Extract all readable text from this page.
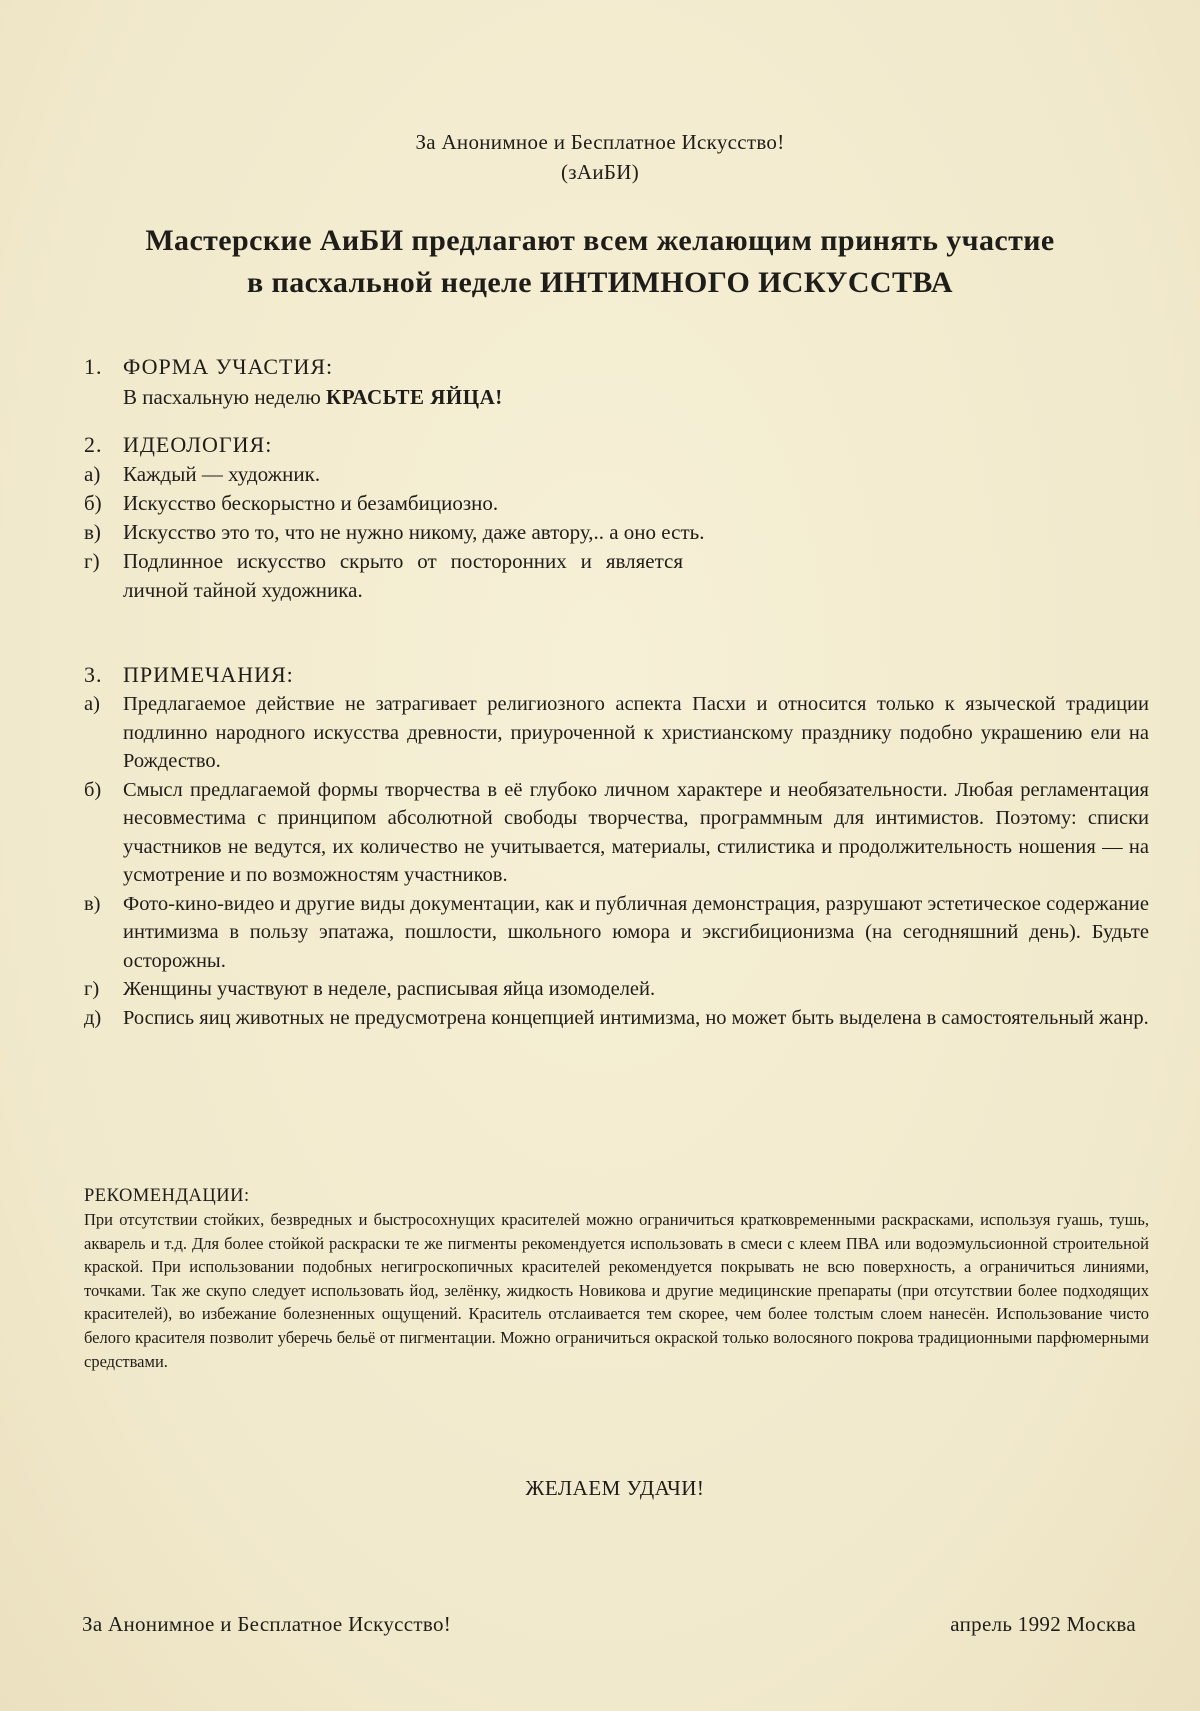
За Анонимное и Бесплатное Искусство!
(зАиБИ)
Мастерские АиБИ предлагают всем желающим принять участие
в пасхальной неделе ИНТИМНОГО ИСКУССТВА
1. ФОРМА УЧАСТИЯ:
В пасхальную неделю КРАСЬТЕ ЯЙЦА!
2. ИДЕОЛОГИЯ:
а) Каждый — художник.
б) Искусство бескорыстно и безамбициозно.
в) Искусство это то, что не нужно никому, даже автору,.. а оно есть.
г) Подлинное искусство скрыто от посторонних и является личной тайной художника.
3. ПРИМЕЧАНИЯ:
а) Предлагаемое действие не затрагивает религиозного аспекта Пасхи и относится только к языческой традиции подлинно народного искусства древности, приуроченной к христианскому празднику подобно украшению ели на Рождество.
б) Смысл предлагаемой формы творчества в её глубоко личном характере и необязательности. Любая регламентация несовместима с принципом абсолютной свободы творчества, программным для интимистов. Поэтому: списки участников не ведутся, их количество не учитывается, материалы, стилистика и продолжительность ношения — на усмотрение и по возможностям участников.
в) Фото-кино-видео и другие виды документации, как и публичная демонстрация, разрушают эстетическое содержание интимизма в пользу эпатажа, пошлости, школьного юмора и эксгибиционизма (на сегодняшний день). Будьте осторожны.
г) Женщины участвуют в неделе, расписывая яйца изомоделей.
д) Роспись яиц животных не предусмотрена концепцией интимизма, но может быть выделена в самостоятельный жанр.
РЕКОМЕНДАЦИИ:
При отсутствии стойких, безвредных и быстросохнущих красителей можно ограничиться кратковременными раскрасками, используя гуашь, тушь, акварель и т.д. Для более стойкой раскраски те же пигменты рекомендуется использовать в смеси с клеем ПВА или водоэмульсионной строительной краской. При использовании подобных негигроскопичных красителей рекомендуется покрывать не всю поверхность, а ограничиться линиями, точками. Так же скупо следует использовать йод, зелёнку, жидкость Новикова и другие медицинские препараты (при отсутствии более подходящих красителей), во избежание болезненных ощущений. Краситель отслаивается тем скорее, чем более толстым слоем нанесён. Использование чисто белого красителя позволит уберечь бельё от пигментации. Можно ограничиться окраской только волосяного покрова традиционными парфюмерными средствами.
ЖЕЛАЕМ УДАЧИ!
За Анонимное и Бесплатное Искусство!	апрель 1992 Москва
